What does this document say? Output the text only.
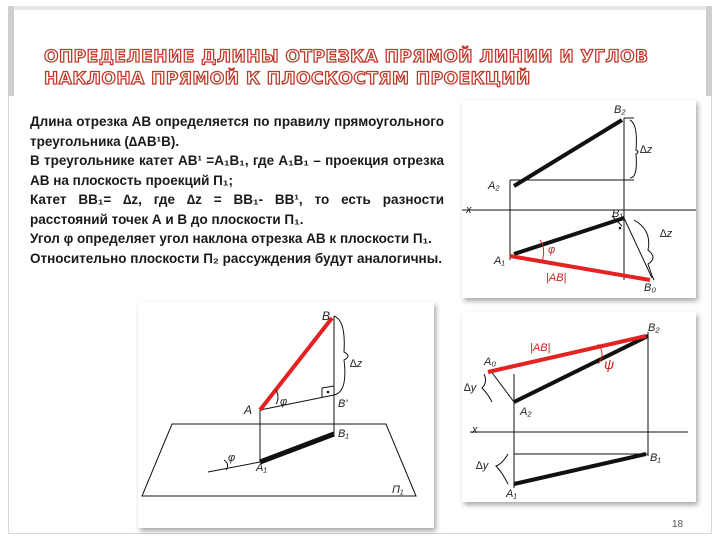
ОПРЕДЕЛЕНИЕ ДЛИНЫ ОТРЕЗКА ПРЯМОЙ ЛИНИИ И УГЛОВ НАКЛОНА ПРЯМОЙ К ПЛОСКОСТЯМ ПРОЕКЦИЙ

Длина отрезка АВ определяется по правилу прямоугольного треугольника (∆АВ¹В).

В треугольнике катет АВ¹ =А₁В₁, где А₁В₁ – проекция отрезка АВ на плоскость проекций П₁;

Катет ВВ₁= ∆z, где ∆z = ВВ₁- ВВ¹, то есть разности расстояний точек А и В до плоскости П₁.

Угол φ определяет угол наклона отрезка АВ к плоскости П₁.

Относительно плоскости П₂ рассуждения будут аналогичны.

B₂
∆z
A₂
x	B₁
∆z
φ
A₁
|AB|
B₀
B
∆z
A
φ	B'
B₁
φ
A₁
П₁
B₂
A₀
|AB|
ψ
∆y
A₂
x
B₁
∆y
A₁
18
